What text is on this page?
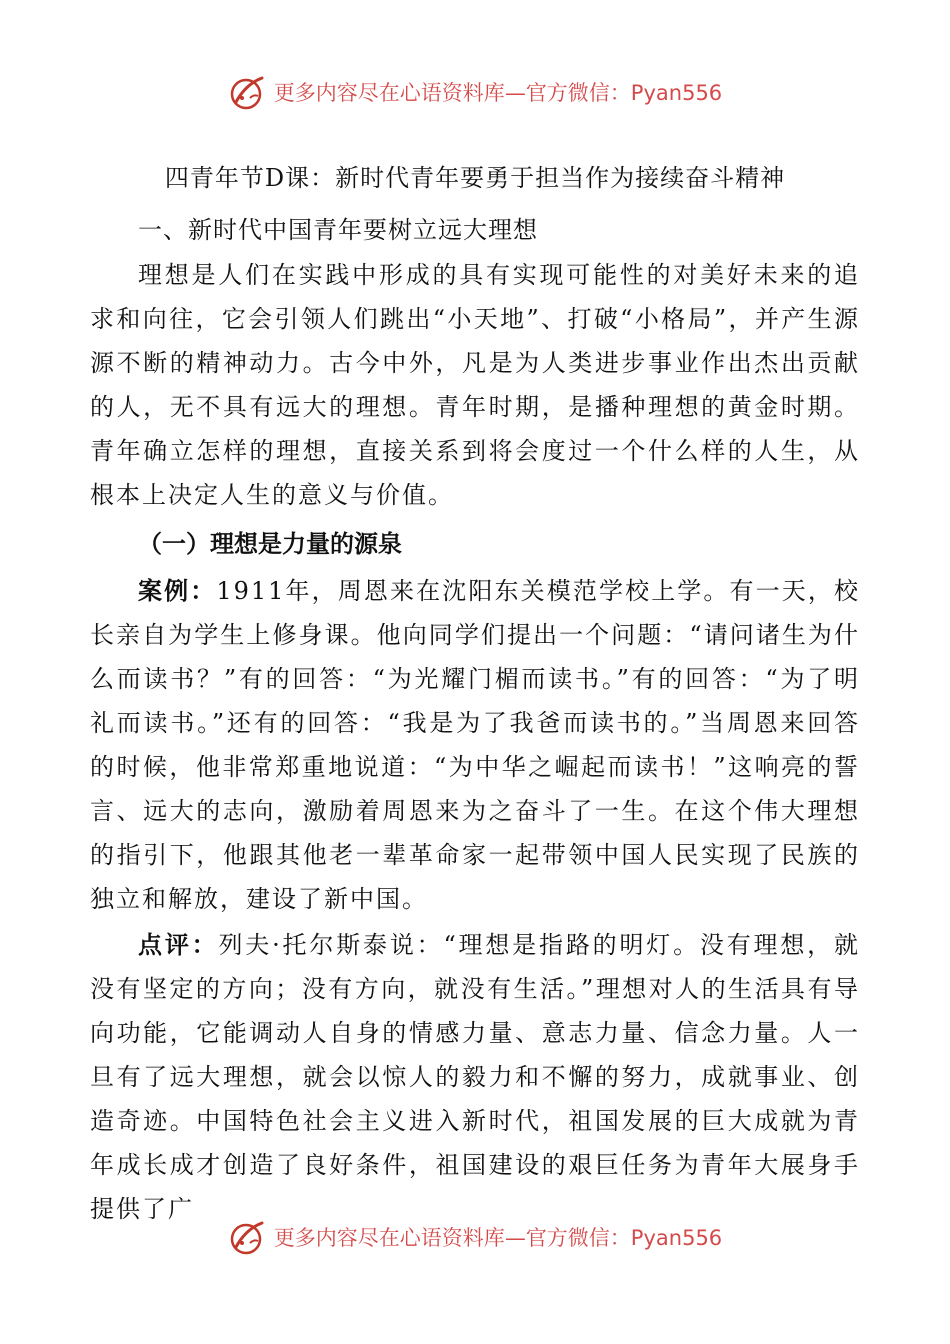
更多内容尽在心语资料库—官方微信：Pyan556
四青年节D课：新时代青年要勇于担当作为接续奋斗精神
一、新时代中国青年要树立远大理想

理想是人们在实践中形成的具有实现可能性的对美好未来的追求和向往，它会引领人们跳出“小天地”、打破“小格局”，并产生源源不断的精神动力。古今中外，凡是为人类进步事业作出杰出贡献的人，无不具有远大的理想。青年时期，是播种理想的黄金时期。青年确立怎样的理想，直接关系到将会度过一个什么样的人生，从根本上决定人生的意义与价值。

（一）理想是力量的源泉

案例：1911年，周恩来在沈阳东关模范学校上学。有一天，校长亲自为学生上修身课。他向同学们提出一个问题：“请问诸生为什么而读书？”有的回答：“为光耀门楣而读书。”有的回答：“为了明礼而读书。”还有的回答：“我是为了我爸而读书的。”当周恩来回答的时候，他非常郑重地说道：“为中华之崛起而读书！”这响亮的誓言、远大的志向，激励着周恩来为之奋斗了一生。在这个伟大理想的指引下，他跟其他老一辈革命家一起带领中国人民实现了民族的独立和解放，建设了新中国。

点评：列夫·托尔斯泰说：“理想是指路的明灯。没有理想，就没有坚定的方向；没有方向，就没有生活。”理想对人的生活具有导向功能，它能调动人自身的情感力量、意志力量、信念力量。人一旦有了远大理想，就会以惊人的毅力和不懈的努力，成就事业、创造奇迹。中国特色社会主义进入新时代，祖国发展的巨大成就为青年成长成才创造了良好条件，祖国建设的艰巨任务为青年大展身手提供了广

更多内容尽在心语资料库—官方微信：Pyan556
